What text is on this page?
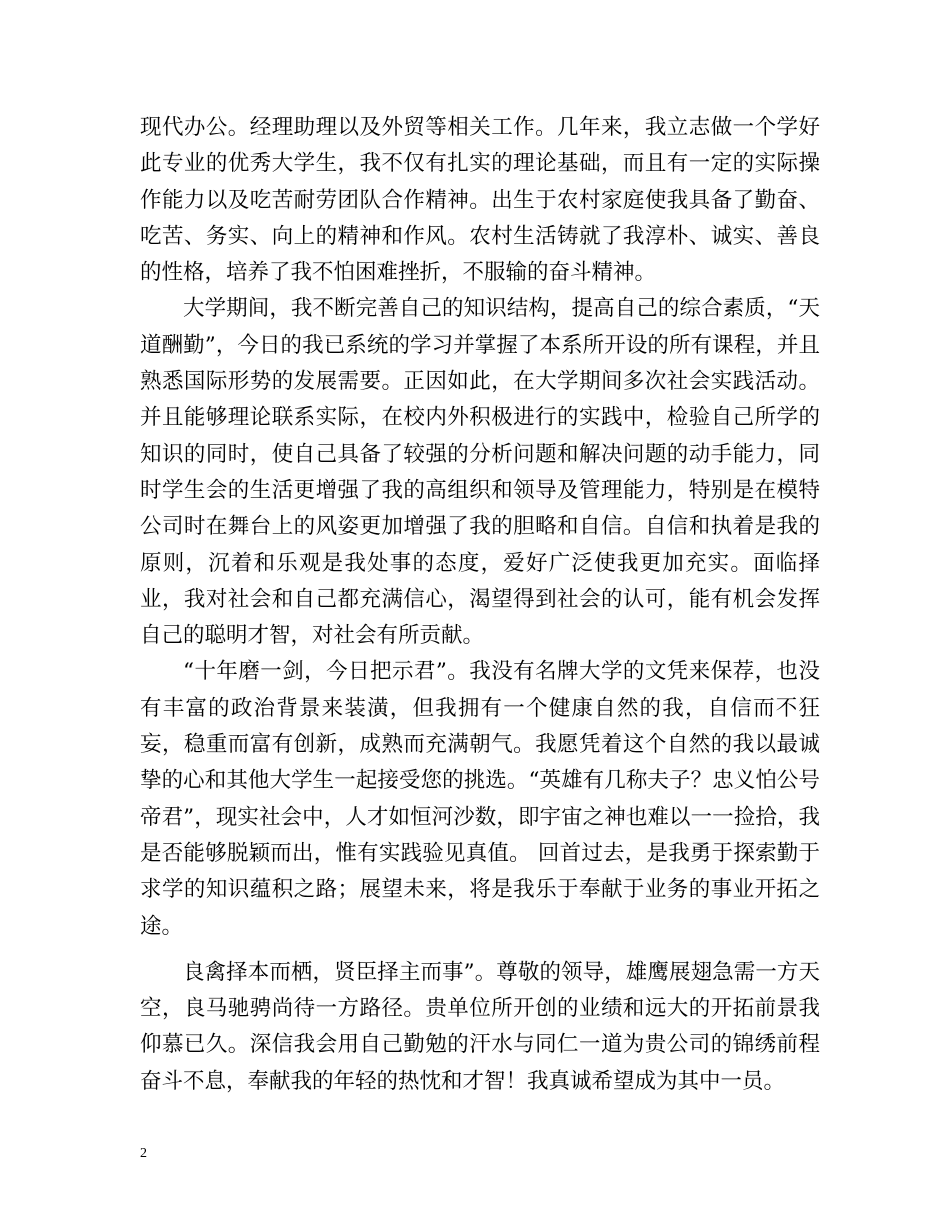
现代办公。经理助理以及外贸等相关工作。几年来，我立志做一个学好此专业的优秀大学生，我不仅有扎实的理论基础，而且有一定的实际操作能力以及吃苦耐劳团队合作精神。出生于农村家庭使我具备了勤奋、吃苦、务实、向上的精神和作风。农村生活铸就了我淳朴、诚实、善良的性格，培养了我不怕困难挫折，不服输的奋斗精神。

大学期间，我不断完善自己的知识结构，提高自己的综合素质，“天道酬勤”，今日的我已系统的学习并掌握了本系所开设的所有课程，并且熟悉国际形势的发展需要。正因如此，在大学期间多次社会实践活动。并且能够理论联系实际，在校内外积极进行的实践中，检验自己所学的知识的同时，使自己具备了较强的分析问题和解决问题的动手能力，同时学生会的生活更增强了我的高组织和领导及管理能力，特别是在模特公司时在舞台上的风姿更加增强了我的胆略和自信。自信和执着是我的原则，沉着和乐观是我处事的态度，爱好广泛使我更加充实。面临择业，我对社会和自己都充满信心，渴望得到社会的认可，能有机会发挥自己的聪明才智，对社会有所贡献。

“十年磨一剑，今日把示君”。我没有名牌大学的文凭来保荐，也没有丰富的政治背景来装潢，但我拥有一个健康自然的我，自信而不狂妄，稳重而富有创新，成熟而充满朝气。我愿凭着这个自然的我以最诚挚的心和其他大学生一起接受您的挑选。“英雄有几称夫子？忠义怕公号帝君”，现实社会中，人才如恒河沙数，即宇宙之神也难以一一捡拾，我是否能够脱颖而出，惟有实践验见真值。 回首过去，是我勇于探索勤于求学的知识蕴积之路；展望未来，将是我乐于奉献于业务的事业开拓之途。

良禽择本而栖，贤臣择主而事”。尊敬的领导，雄鹰展翅急需一方天空，良马驰骋尚待一方路径。贵单位所开创的业绩和远大的开拓前景我仰慕已久。深信我会用自己勤勉的汗水与同仁一道为贵公司的锦绣前程奋斗不息，奉献我的年轻的热忱和才智！我真诚希望成为其中一员。

2
